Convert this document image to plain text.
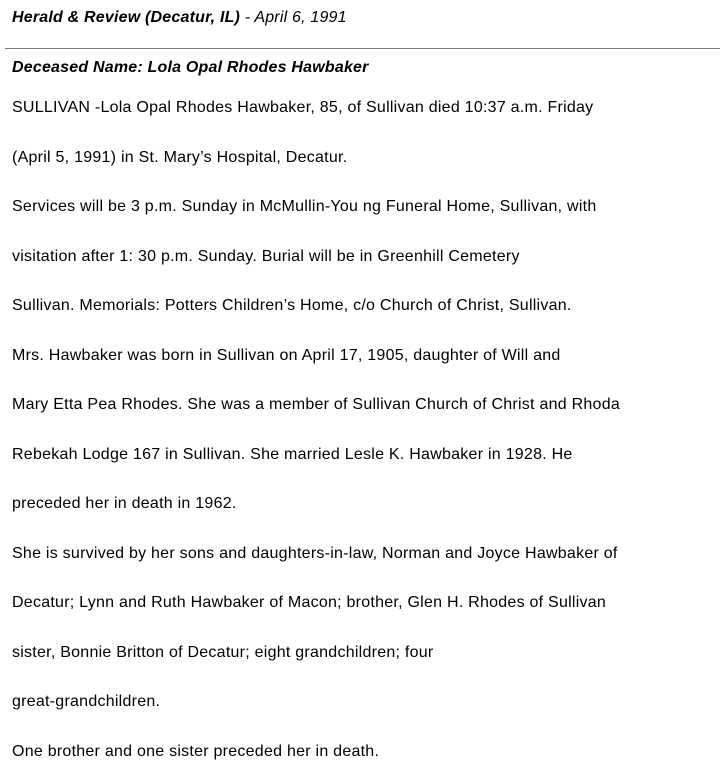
Herald & Review (Decatur, IL) - April 6, 1991
Deceased Name: Lola Opal Rhodes Hawbaker
SULLIVAN -Lola Opal Rhodes Hawbaker, 85, of Sullivan died 10:37 a.m. Friday
(April 5, 1991) in St. Mary’s Hospital, Decatur.
Services will be 3 p.m. Sunday in McMullin-You ng Funeral Home, Sullivan, with
visitation after 1: 30 p.m. Sunday. Burial will be in Greenhill Cemetery
Sullivan. Memorials: Potters Children’s Home, c/o Church of Christ, Sullivan.
Mrs. Hawbaker was born in Sullivan on April 17, 1905, daughter of Will and
Mary Etta Pea Rhodes. She was a member of Sullivan Church of Christ and Rhoda
Rebekah Lodge 167 in Sullivan. She married Lesle K. Hawbaker in 1928. He
preceded her in death in 1962.
She is survived by her sons and daughters-in-law, Norman and Joyce Hawbaker of
Decatur; Lynn and Ruth Hawbaker of Macon; brother, Glen H. Rhodes of Sullivan
sister, Bonnie Britton of Decatur; eight grandchildren; four
great-grandchildren.
One brother and one sister preceded her in death.
